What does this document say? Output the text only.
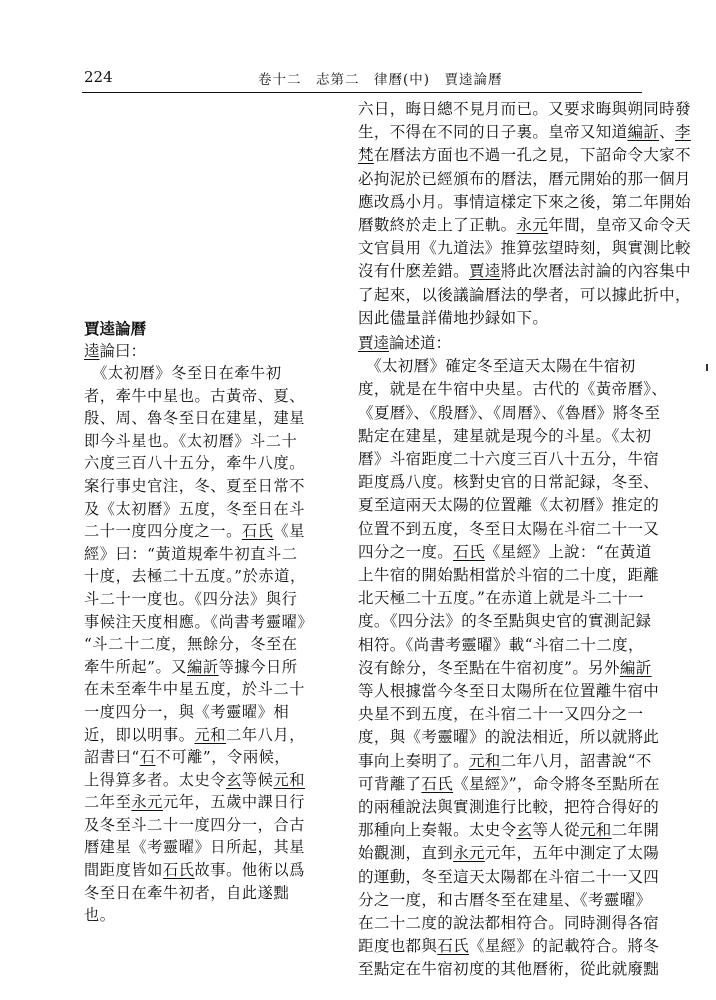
224	卷十二　志第二　律曆(中)　賈逵論曆

六日，晦日總不見月而已。又要求晦與朔同時發

生，不得在不同的日子裏。皇帝又知道編訢、李

梵在曆法方面也不過一孔之見，下詔命令大家不

必拘泥於已經頒布的曆法，曆元開始的那一個月

應改爲小月。事情這樣定下來之後，第二年開始

曆數終於走上了正軌。永元年間，皇帝又命令天

文官員用《九道法》推算弦望時刻，與實測比較

沒有什麽差錯。賈逵將此次曆法討論的內容集中

了起來，以後議論曆法的學者，可以據此折中，

因此儘量詳備地抄録如下。

賈逵論曆

逵論曰：

　《太初曆》冬至日在牽牛初

者，牽牛中星也。古黃帝、夏、

殷、周、魯冬至日在建星，建星

即今斗星也。《太初曆》斗二十

六度三百八十五分，牽牛八度。

案行事史官注，冬、夏至日常不

及《太初曆》五度，冬至日在斗

二十一度四分度之一。石氏《星

經》曰：“黃道規牽牛初直斗二

十度，去極二十五度。”於赤道，

斗二十一度也。《四分法》與行

事候注天度相應。《尚書考靈曜》

“斗二十二度，無餘分，冬至在

牽牛所起”。又編訢等據今日所

在未至牽牛中星五度，於斗二十

一度四分一，與《考靈曜》相

近，即以明事。元和二年八月，

詔書曰“石不可離”，令兩候，

上得算多者。太史令玄等候元和

二年至永元元年，五歲中課日行

及冬至斗二十一度四分一，合古

曆建星《考靈曜》日所起，其星

間距度皆如石氏故事。他術以爲

冬至日在牽牛初者，自此遂黜

也。

賈逵論述道：

　《太初曆》確定冬至這天太陽在牛宿初

度，就是在牛宿中央星。古代的《黃帝曆》、

《夏曆》、《殷曆》、《周曆》、《魯曆》將冬至

點定在建星，建星就是現今的斗星。《太初

曆》斗宿距度二十六度三百八十五分，牛宿

距度爲八度。核對史官的日常記録，冬至、

夏至這兩天太陽的位置離《太初曆》推定的

位置不到五度，冬至日太陽在斗宿二十一又

四分之一度。石氏《星經》上說：“在黃道

上牛宿的開始點相當於斗宿的二十度，距離

北天極二十五度。”在赤道上就是斗二十一

度。《四分法》的冬至點與史官的實測記録

相符。《尚書考靈曜》載“斗宿二十二度，

沒有餘分，冬至點在牛宿初度”。另外編訢

等人根據當今冬至日太陽所在位置離牛宿中

央星不到五度，在斗宿二十一又四分之一

度，與《考靈曜》的說法相近，所以就將此

事向上奏明了。元和二年八月，詔書說“不

可背離了石氏《星經》”，命令將冬至點所在

的兩種說法與實測進行比較，把符合得好的

那種向上奏報。太史令玄等人從元和二年開

始觀測，直到永元元年，五年中測定了太陽

的運動，冬至這天太陽都在斗宿二十一又四

分之一度，和古曆冬至在建星、《考靈曜》

在二十二度的說法都相符合。同時測得各宿

距度也都與石氏《星經》的記載符合。將冬

至點定在牛宿初度的其他曆術，從此就廢黜
